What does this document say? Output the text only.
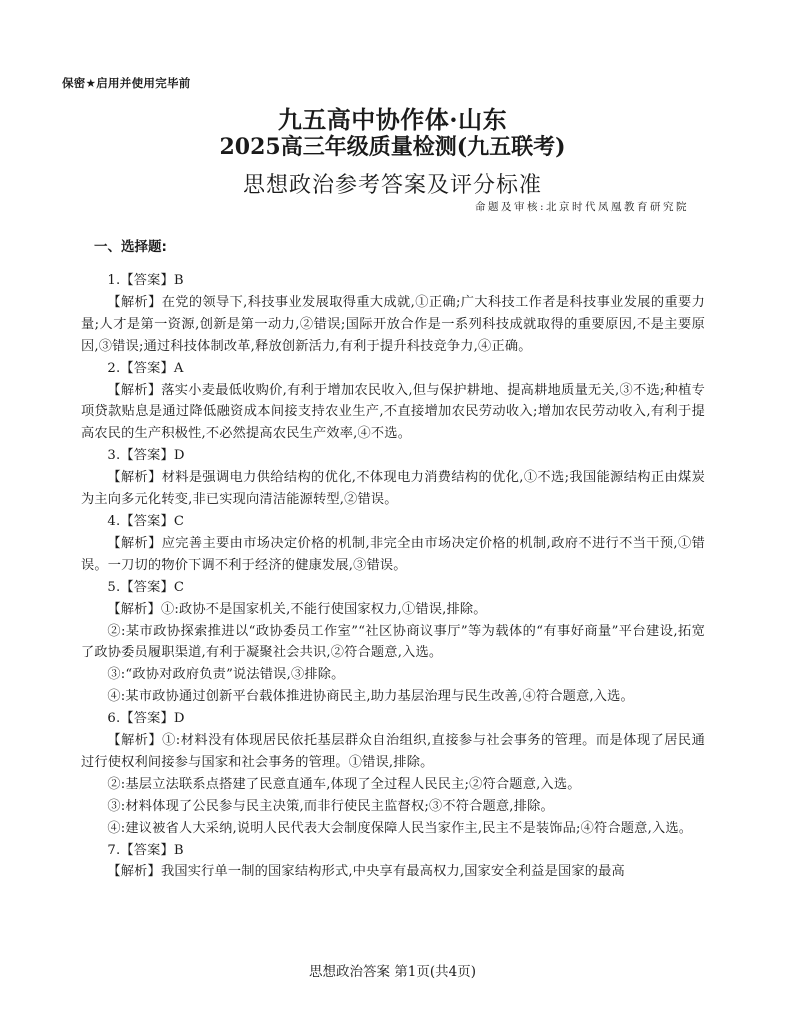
保密★启用并使用完毕前
九五高中协作体·山东
2025高三年级质量检测(九五联考)
思想政治参考答案及评分标准
命题及审核:北京时代凤凰教育研究院
一、选择题:

1.【答案】B

【解析】在党的领导下,科技事业发展取得重大成就,①正确;广大科技工作者是科技事业发展的重要力量;人才是第一资源,创新是第一动力,②错误;国际开放合作是一系列科技成就取得的重要原因,不是主要原因,③错误;通过科技体制改革,释放创新活力,有利于提升科技竞争力,④正确。

2.【答案】A

【解析】落实小麦最低收购价,有利于增加农民收入,但与保护耕地、提高耕地质量无关,③不选;种植专项贷款贴息是通过降低融资成本间接支持农业生产,不直接增加农民劳动收入;增加农民劳动收入,有利于提高农民的生产积极性,不必然提高农民生产效率,④不选。

3.【答案】D

【解析】材料是强调电力供给结构的优化,不体现电力消费结构的优化,①不选;我国能源结构正由煤炭为主向多元化转变,非已实现向清洁能源转型,②错误。

4.【答案】C

【解析】应完善主要由市场决定价格的机制,非完全由市场决定价格的机制,政府不进行不当干预,①错误。一刀切的物价下调不利于经济的健康发展,③错误。

5.【答案】C

【解析】①:政协不是国家机关,不能行使国家权力,①错误,排除。

②:某市政协探索推进以“政协委员工作室”“社区协商议事厅”等为载体的“有事好商量”平台建设,拓宽了政协委员履职渠道,有利于凝聚社会共识,②符合题意,入选。

③:“政协对政府负责”说法错误,③排除。

④:某市政协通过创新平台载体推进协商民主,助力基层治理与民生改善,④符合题意,入选。

6.【答案】D

【解析】①:材料没有体现居民依托基层群众自治组织,直接参与社会事务的管理。而是体现了居民通过行使权利间接参与国家和社会事务的管理。①错误,排除。

②:基层立法联系点搭建了民意直通车,体现了全过程人民民主;②符合题意,入选。

③:材料体现了公民参与民主决策,而非行使民主监督权;③不符合题意,排除。

④:建议被省人大采纳,说明人民代表大会制度保障人民当家作主,民主不是装饰品;④符合题意,入选。

7.【答案】B

【解析】我国实行单一制的国家结构形式,中央享有最高权力,国家安全利益是国家的最高

思想政治答案 第1页(共4页)
